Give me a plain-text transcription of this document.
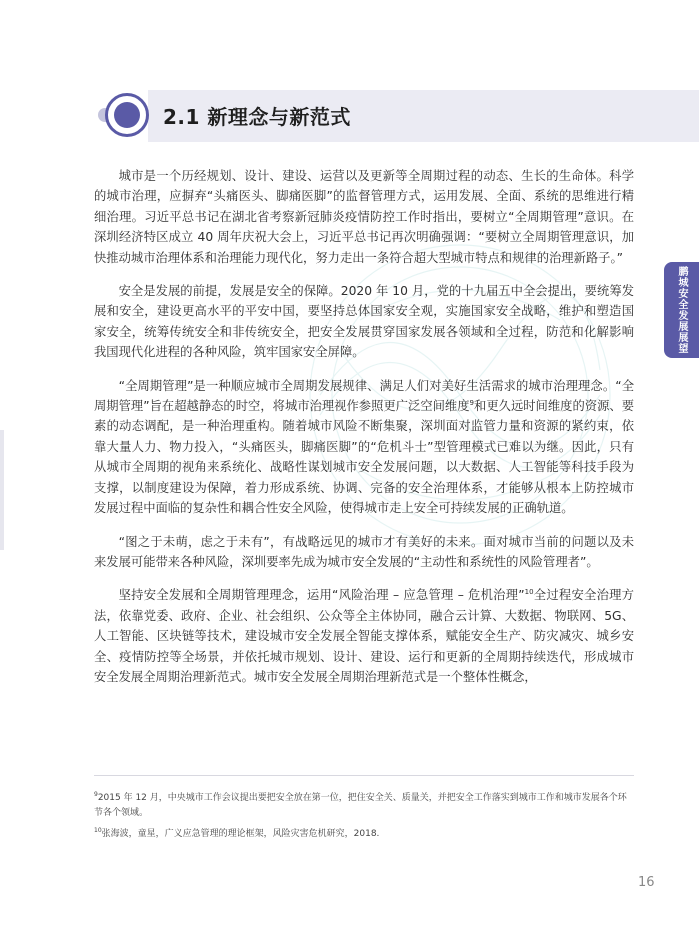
2.1 新理念与新范式
鹏城安全发展展望

城市是一个历经规划、设计、建设、运营以及更新等全周期过程的动态、生长的生命体。科学的城市治理，应摒弃“头痛医头、脚痛医脚”的监督管理方式，运用发展、全面、系统的思维进行精细治理。习近平总书记在湖北省考察新冠肺炎疫情防控工作时指出，要树立“全周期管理”意识。在深圳经济特区成立 40 周年庆祝大会上，习近平总书记再次明确强调：“要树立全周期管理意识，加快推动城市治理体系和治理能力现代化，努力走出一条符合超大型城市特点和规律的治理新路子。”

安全是发展的前提，发展是安全的保障。2020 年 10 月，党的十九届五中全会提出，要统筹发展和安全，建设更高水平的平安中国，要坚持总体国家安全观，实施国家安全战略，维护和塑造国家安全，统筹传统安全和非传统安全，把安全发展贯穿国家发展各领域和全过程，防范和化解影响我国现代化进程的各种风险，筑牢国家安全屏障。

“全周期管理”是一种顺应城市全周期发展规律、满足人们对美好生活需求的城市治理理念。“全周期管理”旨在超越静态的时空，将城市治理视作参照更广泛空间维度$^9$和更久远时间维度的资源、要素的动态调配，是一种治理重构。随着城市风险不断集聚，深圳面对监管力量和资源的紧约束，依靠大量人力、物力投入，“头痛医头，脚痛医脚”的“危机斗士”型管理模式已难以为继。因此，只有从城市全周期的视角来系统化、战略性谋划城市安全发展问题，以大数据、人工智能等科技手段为支撑，以制度建设为保障，着力形成系统、协调、完备的安全治理体系，才能够从根本上防控城市发展过程中面临的复杂性和耦合性安全风险，使得城市走上安全可持续发展的正确轨道。

“图之于未萌，虑之于未有”，有战略远见的城市才有美好的未来。面对城市当前的问题以及未来发展可能带来各种风险，深圳要率先成为城市安全发展的“主动性和系统性的风险管理者”。

坚持安全发展和全周期管理理念，运用“风险治理 – 应急管理 – 危机治理”$^{10}$全过程安全治理方法，依靠党委、政府、企业、社会组织、公众等全主体协同，融合云计算、大数据、物联网、5G、人工智能、区块链等技术，建设城市安全发展全智能支撑体系，赋能安全生产、防灾减灾、城乡安全、疫情防控等全场景，并依托城市规划、设计、建设、运行和更新的全周期持续迭代，形成城市安全发展全周期治理新范式。城市安全发展全周期治理新范式是一个整体性概念，

$^9$2015 年 12 月，中央城市工作会议提出要把安全放在第一位，把住安全关、质量关，并把安全工作落实到城市工作和城市发展各个环节各个领域。
$^{10}$张海波，童星，广义应急管理的理论框架，风险灾害危机研究，2018.
16
